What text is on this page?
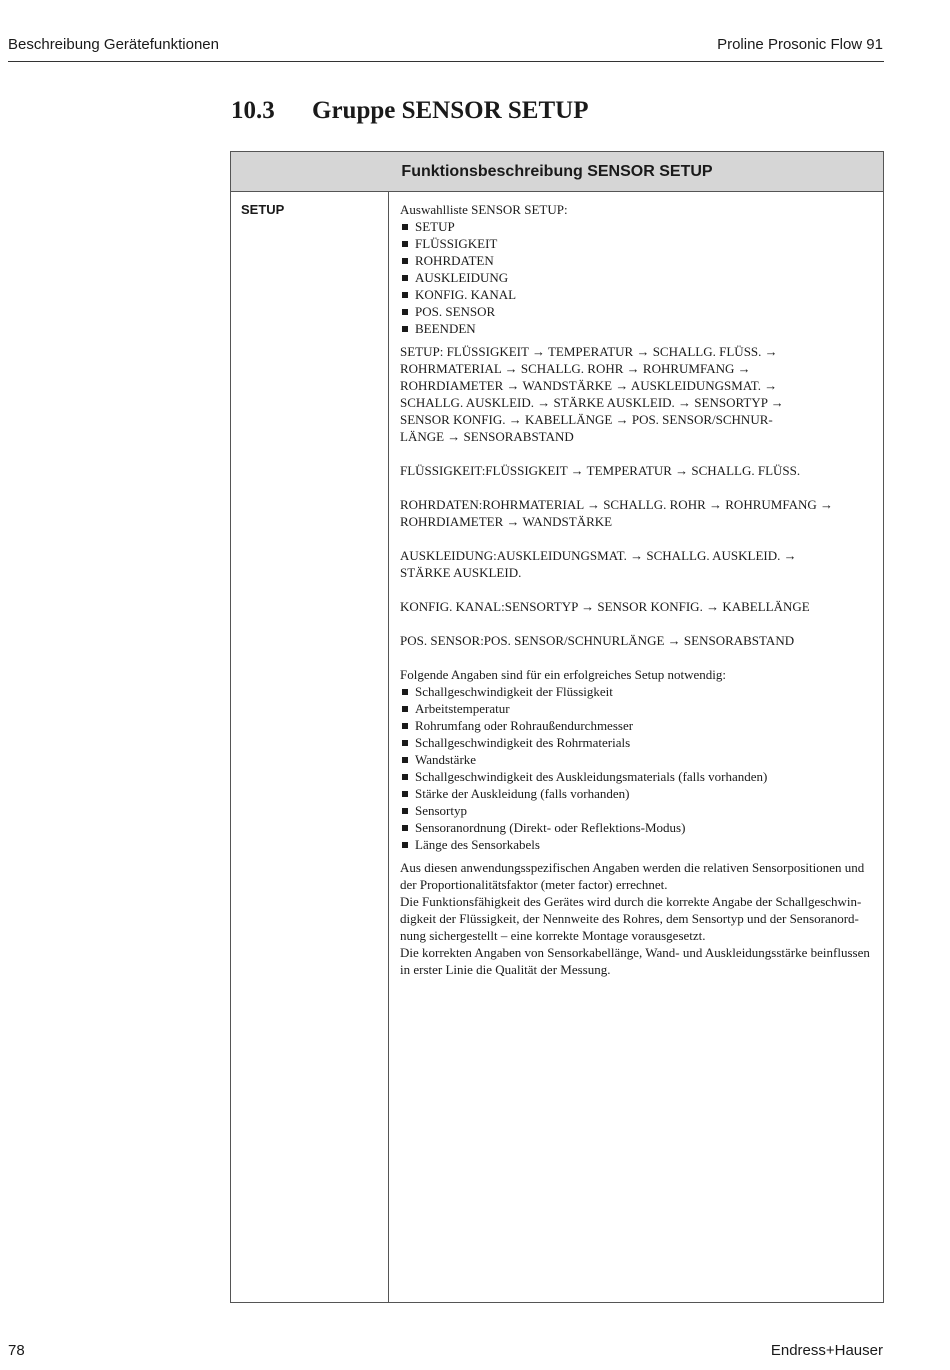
Beschreibung Gerätefunktionen	Proline Prosonic Flow 91
10.3 Gruppe SENSOR SETUP
Funktionsbeschreibung SENSOR SETUP
SETUP	Auswahlliste SENSOR SETUP:

SETUP
FLÜSSIGKEIT
ROHRDATEN
AUSKLEIDUNG
KONFIG. KANAL
POS. SENSOR
BEENDEN

SETUP: FLÜSSIGKEIT → TEMPERATUR → SCHALLG. FLÜSS. →
ROHRMATERIAL → SCHALLG. ROHR → ROHRUMFANG →
ROHRDIAMETER → WANDSTÄRKE → AUSKLEIDUNGSMAT. →
SCHALLG. AUSKLEID. → STÄRKE AUSKLEID. → SENSORTYP →
SENSOR KONFIG. → KABELLÄNGE → POS. SENSOR/SCHNUR-
LÄNGE → SENSORABSTAND

FLÜSSIGKEIT:FLÜSSIGKEIT → TEMPERATUR → SCHALLG. FLÜSS.

ROHRDATEN:ROHRMATERIAL → SCHALLG. ROHR → ROHRUMFANG →
ROHRDIAMETER → WANDSTÄRKE

AUSKLEIDUNG:AUSKLEIDUNGSMAT. → SCHALLG. AUSKLEID. →
STÄRKE AUSKLEID.

KONFIG. KANAL:SENSORTYP → SENSOR KONFIG. → KABELLÄNGE

POS. SENSOR:POS. SENSOR/SCHNURLÄNGE → SENSORABSTAND

Folgende Angaben sind für ein erfolgreiches Setup notwendig:

Schallgeschwindigkeit der Flüssigkeit
Arbeitstemperatur
Rohrumfang oder Rohraußendurchmesser
Schallgeschwindigkeit des Rohrmaterials
Wandstärke
Schallgeschwindigkeit des Auskleidungsmaterials (falls vorhanden)
Stärke der Auskleidung (falls vorhanden)
Sensortyp
Sensoranordnung (Direkt- oder Reflektions-Modus)
Länge des Sensorkabels

Aus diesen anwendungsspezifischen Angaben werden die relativen Sensorpositionen und
der Proportionalitätsfaktor (meter factor) errechnet.
Die Funktionsfähigkeit des Gerätes wird durch die korrekte Angabe der Schallgeschwin-
digkeit der Flüssigkeit, der Nennweite des Rohres, dem Sensortyp und der Sensoranord-
nung sichergestellt – eine korrekte Montage vorausgesetzt.
Die korrekten Angaben von Sensorkabellänge, Wand- und Auskleidungsstärke beinflussen
in erster Linie die Qualität der Messung.

78	Endress+Hauser
